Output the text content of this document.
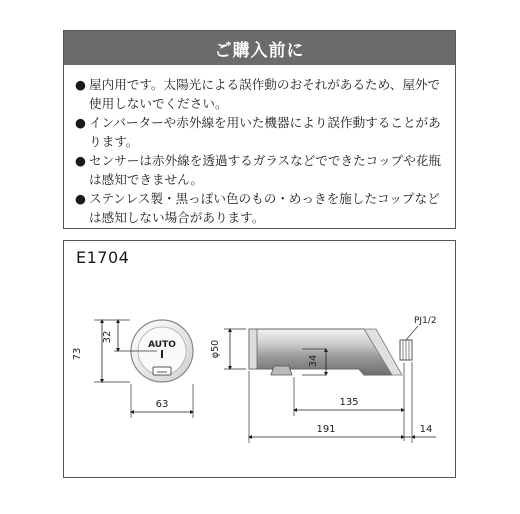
ご購入前に
● 屋内用です。太陽光による誤作動のおそれがあるため、屋外で使用しないでください。
● インバーターや赤外線を用いた機器により誤作動することがあります。
● センサーは赤外線を透過するガラスなどでできたコップや花瓶は感知できません。
● ステンレス製・黒っぽい色のもの・めっきを施したコップなどは感知しない場合があります。
E1704
AUTO
73
32
63
PJ1/2
φ50
34
135
191	14
